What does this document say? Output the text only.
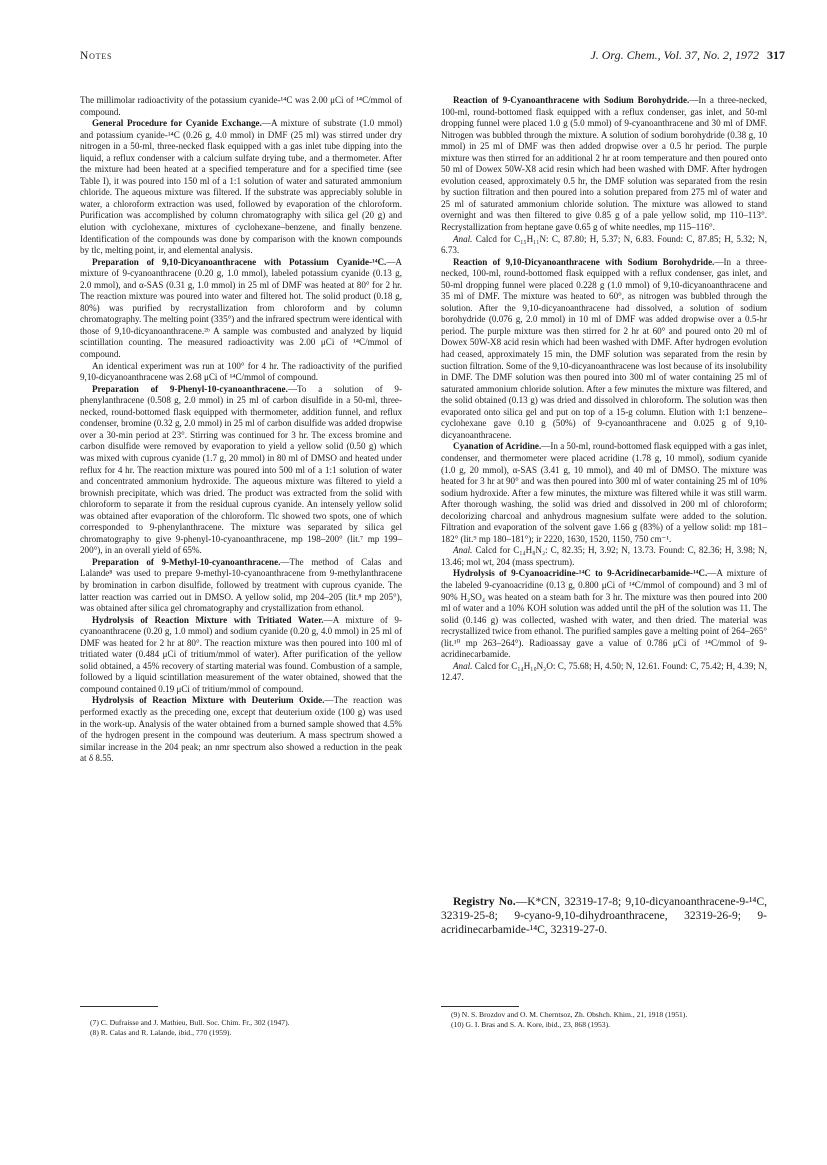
Notes	J. Org. Chem., Vol. 37, No. 2, 1972 317

The millimolar radioactivity of the potassium cyanide-¹⁴C was 2.00 μCi of ¹⁴C/mmol of compound.

General Procedure for Cyanide Exchange.—A mixture of substrate (1.0 mmol) and potassium cyanide-¹⁴C (0.26 g, 4.0 mmol) in DMF (25 ml) was stirred under dry nitrogen in a 50-ml, three-necked flask equipped with a gas inlet tube dipping into the liquid, a reflux condenser with a calcium sulfate drying tube, and a thermometer. After the mixture had been heated at a specified temperature and for a specified time (see Table I), it was poured into 150 ml of a 1:1 solution of water and saturated ammonium chloride. The aqueous mixture was filtered. If the substrate was appreciably soluble in water, a chloroform extraction was used, followed by evaporation of the chloroform. Purification was accomplished by column chromatography with silica gel (20 g) and elution with cyclohexane, mixtures of cyclohexane–benzene, and finally benzene. Identification of the compounds was done by comparison with the known compounds by tlc, melting point, ir, and elemental analysis.

Preparation of 9,10-Dicyanoanthracene with Potassium Cyanide-¹⁴C.—A mixture of 9-cyanoanthracene (0.20 g, 1.0 mmol), labeled potassium cyanide (0.13 g, 2.0 mmol), and α-SAS (0.31 g, 1.0 mmol) in 25 ml of DMF was heated at 80° for 2 hr. The reaction mixture was poured into water and filtered hot. The solid product (0.18 g, 80%) was purified by recrystallization from chloroform and by column chromatography. The melting point (335°) and the infrared spectrum were identical with those of 9,10-dicyanoanthracene.²ᵇ A sample was combusted and analyzed by liquid scintillation counting. The measured radioactivity was 2.00 μCi of ¹⁴C/mmol of compound.

An identical experiment was run at 100° for 4 hr. The radioactivity of the purified 9,10-dicyanoanthracene was 2.68 μCi of ¹⁴C/mmol of compound.

Preparation of 9-Phenyl-10-cyanoanthracene.—To a solution of 9-phenylanthracene (0.508 g, 2.0 mmol) in 25 ml of carbon disulfide in a 50-ml, three-necked, round-bottomed flask equipped with thermometer, addition funnel, and reflux condenser, bromine (0.32 g, 2.0 mmol) in 25 ml of carbon disulfide was added dropwise over a 30-min period at 23°. Stirring was continued for 3 hr. The excess bromine and carbon disulfide were removed by evaporation to yield a yellow solid (0.50 g) which was mixed with cuprous cyanide (1.7 g, 20 mmol) in 80 ml of DMSO and heated under reflux for 4 hr. The reaction mixture was poured into 500 ml of a 1:1 solution of water and concentrated ammonium hydroxide. The aqueous mixture was filtered to yield a brownish precipitate, which was dried. The product was extracted from the solid with chloroform to separate it from the residual cuprous cyanide. An intensely yellow solid was obtained after evaporation of the chloroform. Tlc showed two spots, one of which corresponded to 9-phenylanthracene. The mixture was separated by silica gel chromatography to give 9-phenyl-10-cyanoanthracene, mp 198–200° (lit.⁷ mp 199–200°), in an overall yield of 65%.

Preparation of 9-Methyl-10-cyanoanthracene.—The method of Calas and Lalande⁸ was used to prepare 9-methyl-10-cyanoanthracene from 9-methylanthracene by bromination in carbon disulfide, followed by treatment with cuprous cyanide. The latter reaction was carried out in DMSO. A yellow solid, mp 204–205 (lit.⁸ mp 205°), was obtained after silica gel chromatography and crystallization from ethanol.

Hydrolysis of Reaction Mixture with Tritiated Water.—A mixture of 9-cyanoanthracene (0.20 g, 1.0 mmol) and sodium cyanide (0.20 g, 4.0 mmol) in 25 ml of DMF was heated for 2 hr at 80°. The reaction mixture was then poured into 100 ml of tritiated water (0.484 μCi of tritium/mmol of water). After purification of the yellow solid obtained, a 45% recovery of starting material was found. Combustion of a sample, followed by a liquid scintillation measurement of the water obtained, showed that the compound contained 0.19 μCi of tritium/mmol of compound.

Hydrolysis of Reaction Mixture with Deuterium Oxide.—The reaction was performed exactly as the preceding one, except that deuterium oxide (100 g) was used in the work-up. Analysis of the water obtained from a burned sample showed that 4.5% of the hydrogen present in the compound was deuterium. A mass spectrum showed a similar increase in the 204 peak; an nmr spectrum also showed a reduction in the peak at δ 8.55.

Reaction of 9-Cyanoanthracene with Sodium Borohydride.—In a three-necked, 100-ml, round-bottomed flask equipped with a reflux condenser, gas inlet, and 50-ml dropping funnel were placed 1.0 g (5.0 mmol) of 9-cyanoanthracene and 30 ml of DMF. Nitrogen was bubbled through the mixture. A solution of sodium borohydride (0.38 g, 10 mmol) in 25 ml of DMF was then added dropwise over a 0.5 hr period. The purple mixture was then stirred for an additional 2 hr at room temperature and then poured onto 50 ml of Dowex 50W-X8 acid resin which had been washed with DMF. After hydrogen evolution ceased, approximately 0.5 hr, the DMF solution was separated from the resin by suction filtration and then poured into a solution prepared from 275 ml of water and 25 ml of saturated ammonium chloride solution. The mixture was allowed to stand overnight and was then filtered to give 0.85 g of a pale yellow solid, mp 110–113°. Recrystallization from heptane gave 0.65 g of white needles, mp 115–116°.

Anal. Calcd for C₁₅H₁₁N: C, 87.80; H, 5.37; N, 6.83. Found: C, 87.85; H, 5.32; N, 6.73.

Reaction of 9,10-Dicyanoanthracene with Sodium Borohydride.—In a three-necked, 100-ml, round-bottomed flask equipped with a reflux condenser, gas inlet, and 50-ml dropping funnel were placed 0.228 g (1.0 mmol) of 9,10-dicyanoanthracene and 35 ml of DMF. The mixture was heated to 60°, as nitrogen was bubbled through the solution. After the 9,10-dicyanoanthracene had dissolved, a solution of sodium borohydride (0.076 g, 2.0 mmol) in 10 ml of DMF was added dropwise over a 0.5-hr period. The purple mixture was then stirred for 2 hr at 60° and poured onto 20 ml of Dowex 50W-X8 acid resin which had been washed with DMF. After hydrogen evolution had ceased, approximately 15 min, the DMF solution was separated from the resin by suction filtration. Some of the 9,10-dicyanoanthracene was lost because of its insolubility in DMF. The DMF solution was then poured into 300 ml of water containing 25 ml of saturated ammonium chloride solution. After a few minutes the mixture was filtered, and the solid obtained (0.13 g) was dried and dissolved in chloroform. The solution was then evaporated onto silica gel and put on top of a 15-g column. Elution with 1:1 benzene–cyclohexane gave 0.10 g (50%) of 9-cyanoanthracene and 0.025 g of 9,10-dicyanoanthracene.

Cyanation of Acridine.—In a 50-ml, round-bottomed flask equipped with a gas inlet, condenser, and thermometer were placed acridine (1.78 g, 10 mmol), sodium cyanide (1.0 g, 20 mmol), α-SAS (3.41 g, 10 mmol), and 40 ml of DMSO. The mixture was heated for 3 hr at 90° and was then poured into 300 ml of water containing 25 ml of 10% sodium hydroxide. After a few minutes, the mixture was filtered while it was still warm. After thorough washing, the solid was dried and dissolved in 200 ml of chloroform; decolorizing charcoal and anhydrous magnesium sulfate were added to the solution. Filtration and evaporation of the solvent gave 1.66 g (83%) of a yellow solid: mp 181–182° (lit.⁹ mp 180–181°); ir 2220, 1630, 1520, 1150, 750 cm⁻¹.

Anal. Calcd for C₁₄H₈N₂: C, 82.35; H, 3.92; N, 13.73. Found: C, 82.36; H, 3.98; N, 13.46; mol wt, 204 (mass spectrum).

Hydrolysis of 9-Cyanoacridine-¹⁴C to 9-Acridinecarbamide-¹⁴C.—A mixture of the labeled 9-cyanoacridine (0.13 g, 0.800 μCi of ¹⁴C/mmol of compound) and 3 ml of 90% H₂SO₄ was heated on a steam bath for 3 hr. The mixture was then poured into 200 ml of water and a 10% KOH solution was added until the pH of the solution was 11. The solid (0.146 g) was collected, washed with water, and then dried. The material was recrystallized twice from ethanol. The purified samples gave a melting point of 264–265° (lit.¹⁰ mp 263–264°). Radioassay gave a value of 0.786 μCi of ¹⁴C/mmol of 9-acridinecarbamide.

Anal. Calcd for C₁₄H₁₀N₂O: C, 75.68; H, 4.50; N, 12.61. Found: C, 75.42; H, 4.39; N, 12.47.

Registry No.—K*CN, 32319-17-8; 9,10-dicyanoanthracene-9-¹⁴C, 32319-25-8; 9-cyano-9,10-dihydroanthracene, 32319-26-9; 9-acridinecarbamide-¹⁴C, 32319-27-0.
(7) C. Dufraisse and J. Mathieu, Bull. Soc. Chim. Fr., 302 (1947).
(8) R. Calas and R. Lalande, ibid., 770 (1959).
(9) N. S. Brozdov and O. M. Cherntsoz, Zh. Obshch. Khim., 21, 1918 (1951).
(10) G. I. Bras and S. A. Kore, ibid., 23, 868 (1953).
